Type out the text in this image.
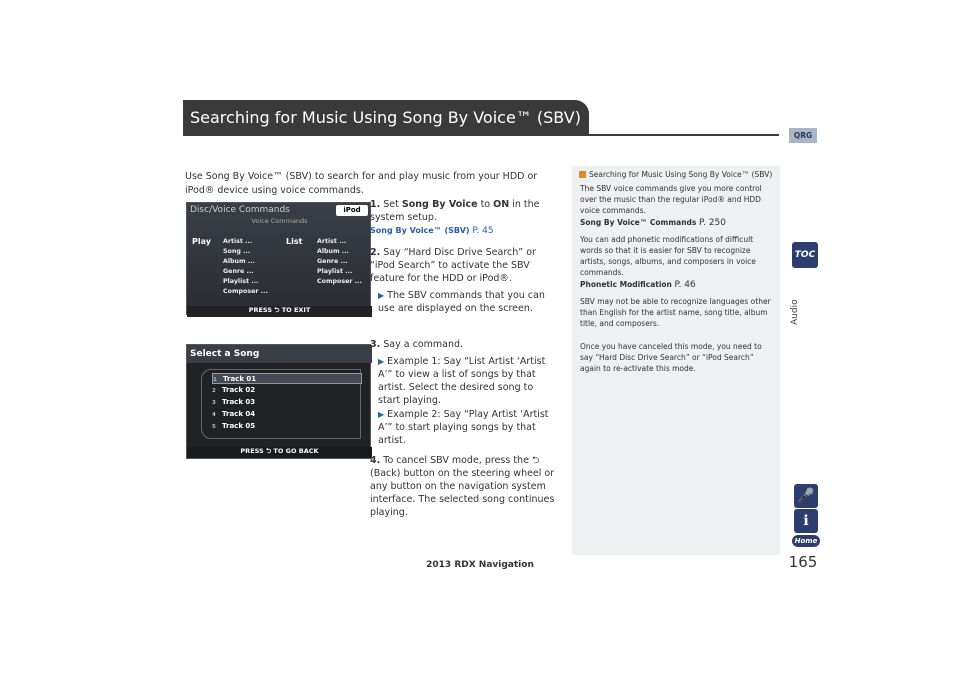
Searching for Music Using Song By Voice™ (SBV)
QRG
TOC
Audio
🎤
ℹ
Home
165
2013 RDX Navigation
Use Song By Voice™ (SBV) to search for and play music from your HDD or iPod® device using voice commands.
Disc/Voice Commands	iPod
Voice Commands
Play	List
Artist ...
Song ...
Album ...
Genre ...
Playlist ...
Composer ...
Artist ...
Album ...
Genre ...
Playlist ...
Composer ...
PRESS ⮌ TO EXIT
Select a Song
1 Track 01
2 Track 02
3 Track 03
4 Track 04
5 Track 05
PRESS ⮌ TO GO BACK
1. Set Song By Voice to ON in the system setup.
Song By Voice™ (SBV) P. 45
2. Say “Hard Disc Drive Search” or “iPod Search” to activate the SBV feature for the HDD or iPod®.
▶ The SBV commands that you can use are displayed on the screen.
3. Say a command.
▶ Example 1: Say “List Artist ‘Artist A’” to view a list of songs by that artist. Select the desired song to start playing.
▶ Example 2: Say “Play Artist ‘Artist A’” to start playing songs by that artist.
4. To cancel SBV mode, press the ⮌ (Back) button on the steering wheel or any button on the navigation system interface. The selected song continues playing.
Searching for Music Using Song By Voice™ (SBV)
The SBV voice commands give you more control over the music than the regular iPod® and HDD voice commands.
Song By Voice™ Commands P. 250
You can add phonetic modifications of difficult words so that it is easier for SBV to recognize artists, songs, albums, and composers in voice commands.
Phonetic Modification P. 46
SBV may not be able to recognize languages other than English for the artist name, song title, album title, and composers.
Once you have canceled this mode, you need to say “Hard Disc Drive Search” or “iPod Search” again to re-activate this mode.
